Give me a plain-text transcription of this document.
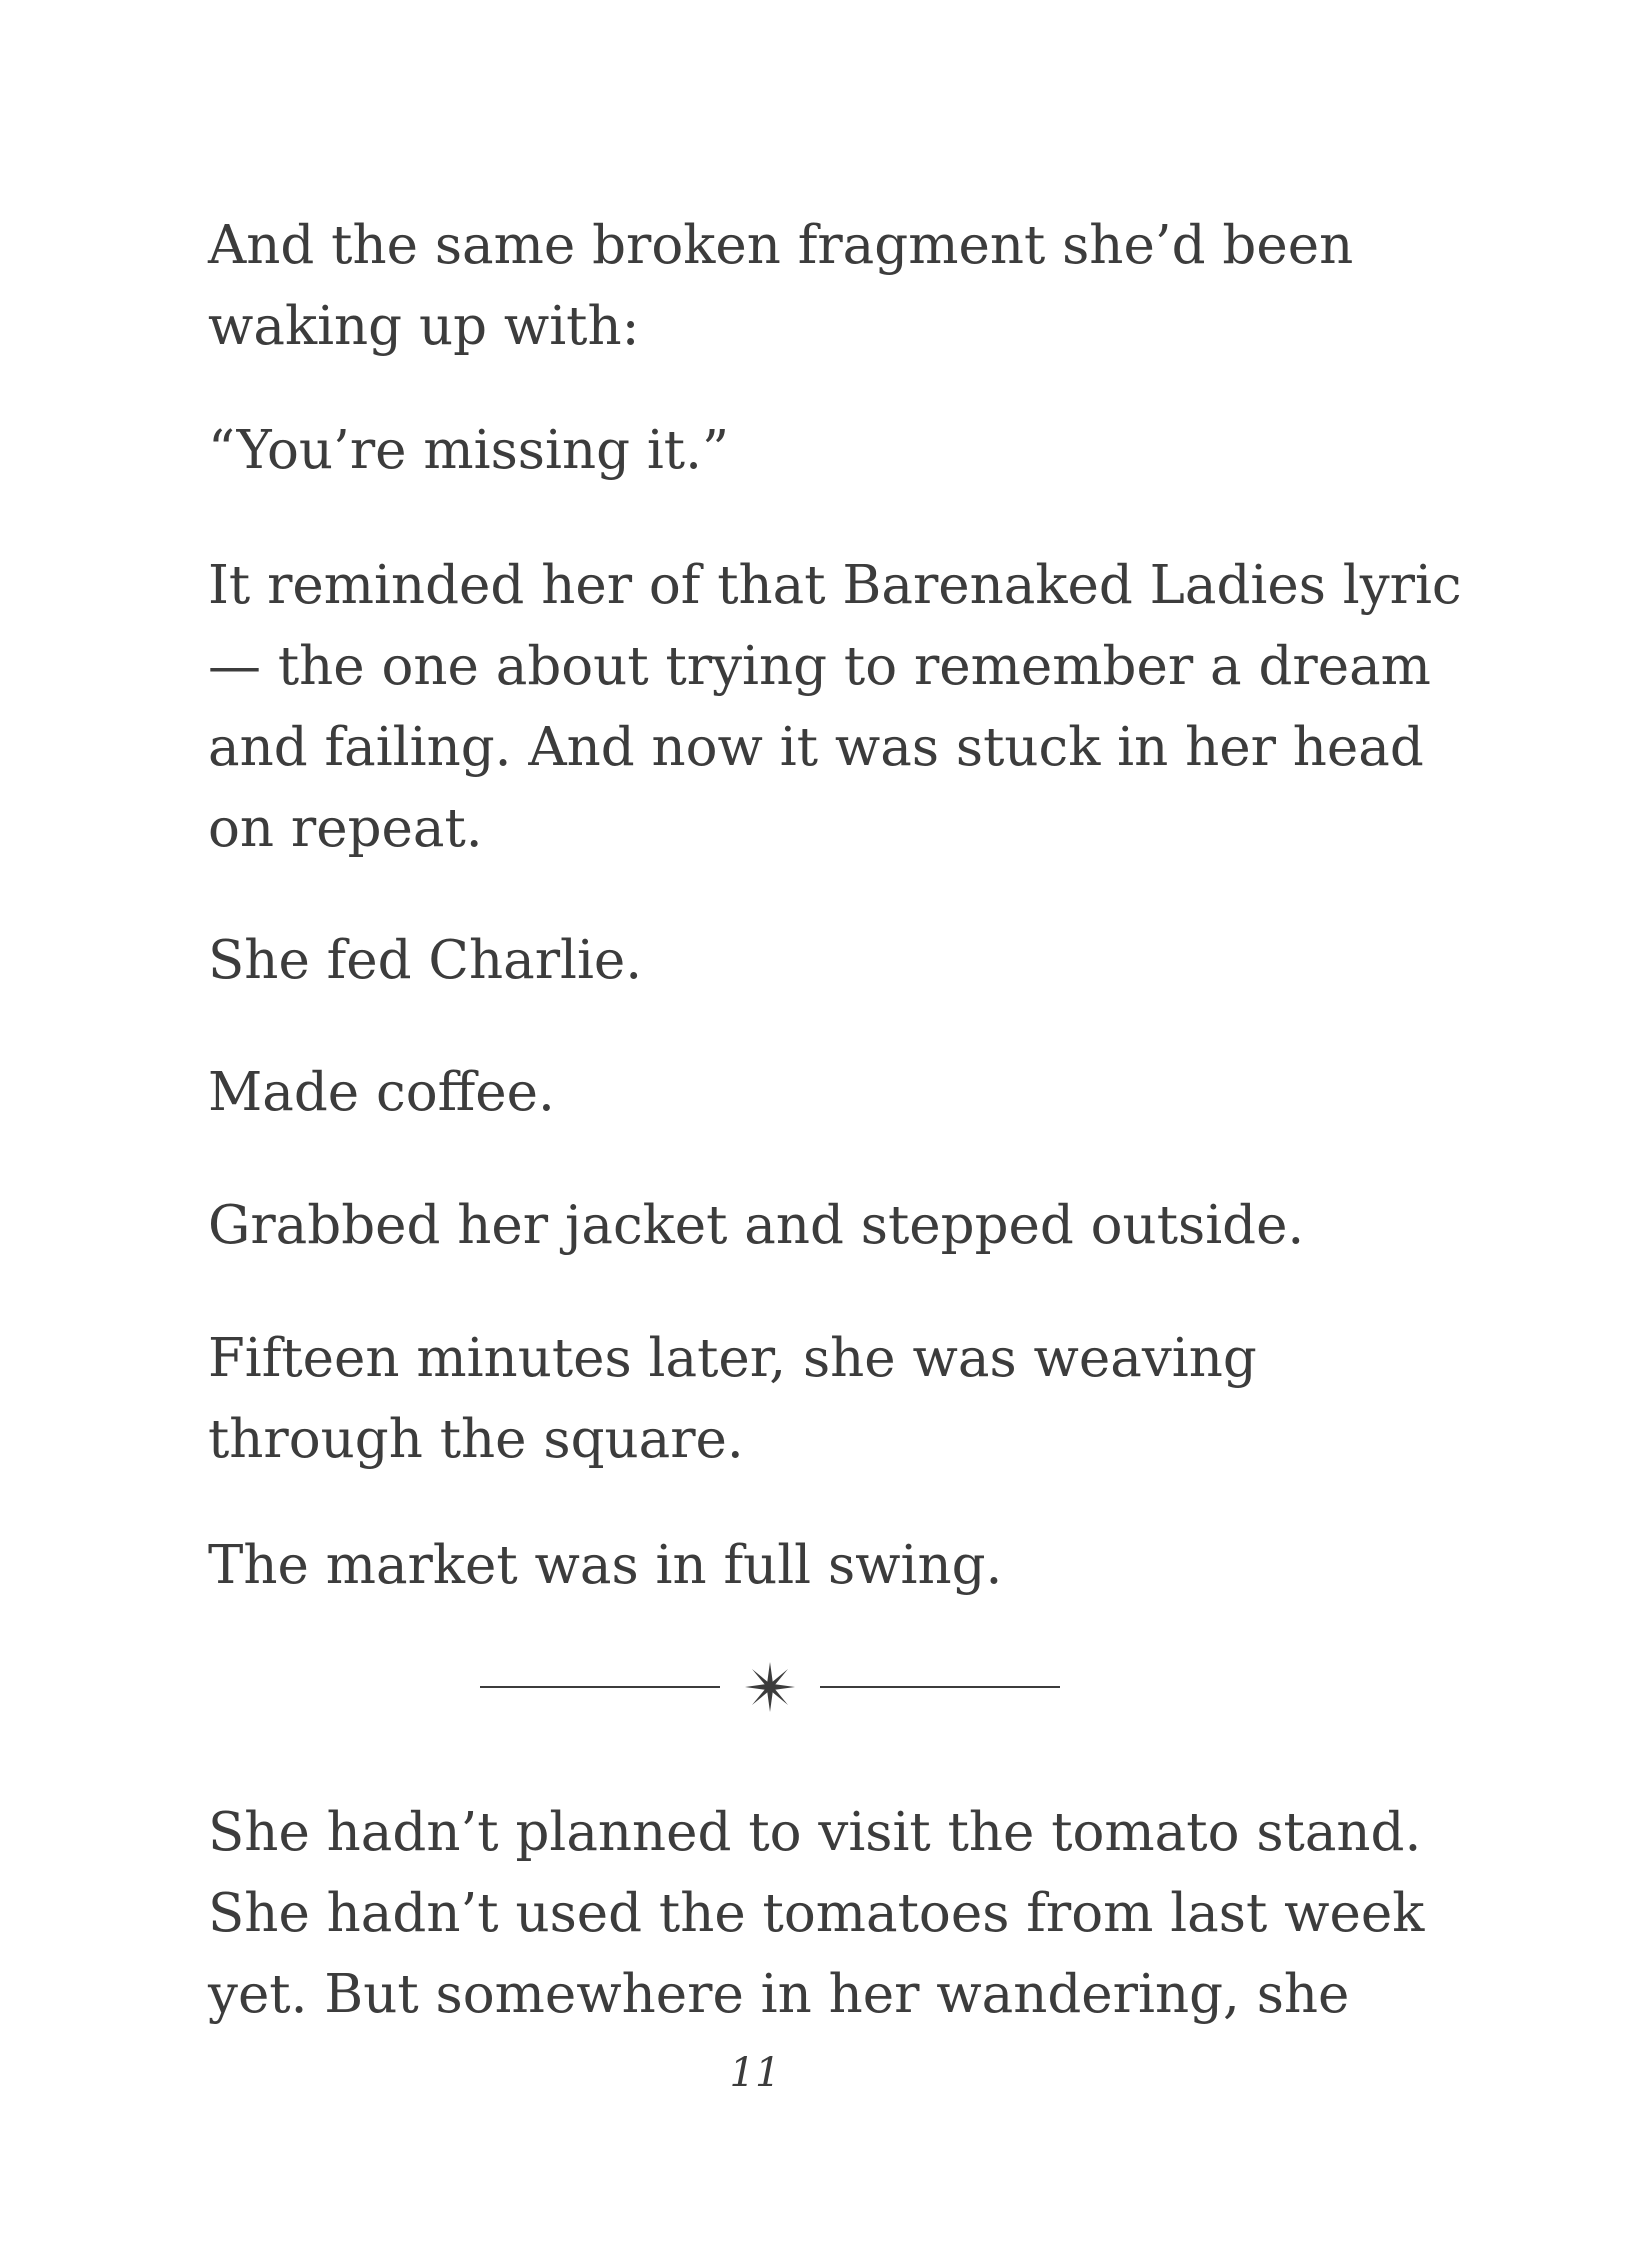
And the same broken fragment she’d been
waking up with:

“You’re missing it.”

It reminded her of that Barenaked Ladies lyric
— the one about trying to remember a dream
and failing. And now it was stuck in her head
on repeat.

She fed Charlie.

Made coffee.

Grabbed her jacket and stepped outside.

Fifteen minutes later, she was weaving
through the square.

The market was in full swing.

She hadn’t planned to visit the tomato stand.
She hadn’t used the tomatoes from last week
yet. But somewhere in her wandering, she

11
